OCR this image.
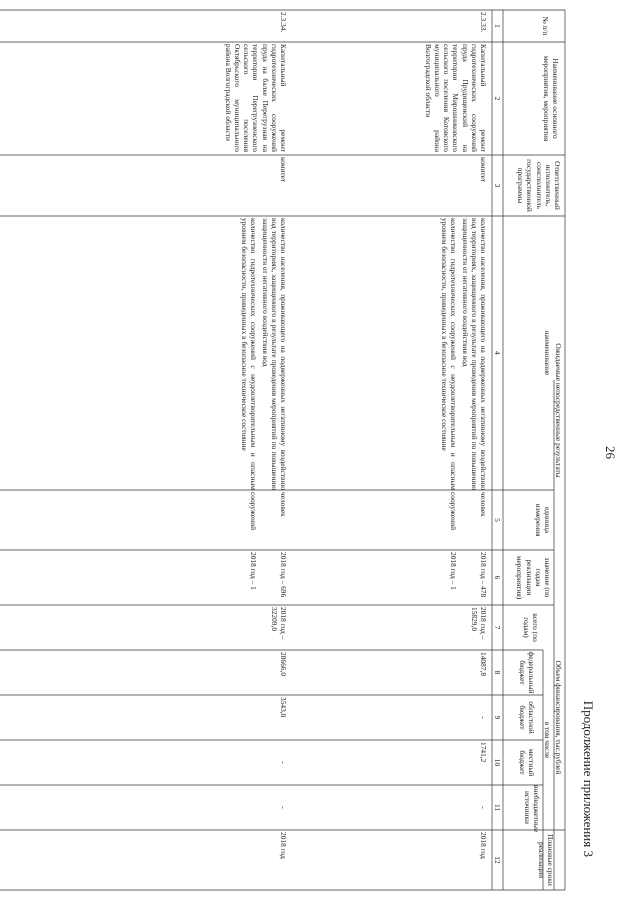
26
Продолжение приложения 3
№ п/п
Наименование основного мероприятия, мероприятия
Ответственный исполнитель, соисполнитель государственной программы
Ожидаемые непосредственные результаты
наименование
единица измерения
значение (по годам реализации мероприятия)
Объем финансирования, тыс.рублей
всего (по годам)
в том числе
федеральный бюджет
областной бюджет
местный бюджет
внебюджетные источники
Плановые сроки реализации
1
2
3
4
5
6
7
8
9
10
11
12
2.3.33.
Капитальный ремонт гидротехнических сооружений пруда Прудищенский на территории Мирошниковского сельского поселения Котовского муниципального района Волгоградской области
комитет
количество населения, проживающего на подверженных негативному воздействию вод территориях, защищенного в результате проведения мероприятий по повышению защищенности от негативного воздействия вод
человек
2018 год – 478
количество гидротехнических сооружений с неудовлетворительным и опасным уровнем безопасности, приведенных в безопасное техническое состояние
сооружений
2018 год – 1
2018 год – 15829,0
14087,8
-
1741,2
-
2018 год
2.3.34.
Капитальный ремонт гидротехнических сооружений пруда на балке Перегрузная на территории Перегрузненского сельского поселения Октябрьского муниципального района Волгоградской области
комитет
количество населения, проживающего на подверженных негативному воздействию вод территориях, защищенного в результате проведения мероприятий по повышению защищенности от негативного воздействия вод
человек
2018 год – 696
количество гидротехнических сооружений с неудовлетворительным и опасным уровнем безопасности, приведенных в безопасное техническое состояние
сооружений
2018 год – 1
2018 год – 32209,0
28666,0
3543,0
-
-
2018 год
